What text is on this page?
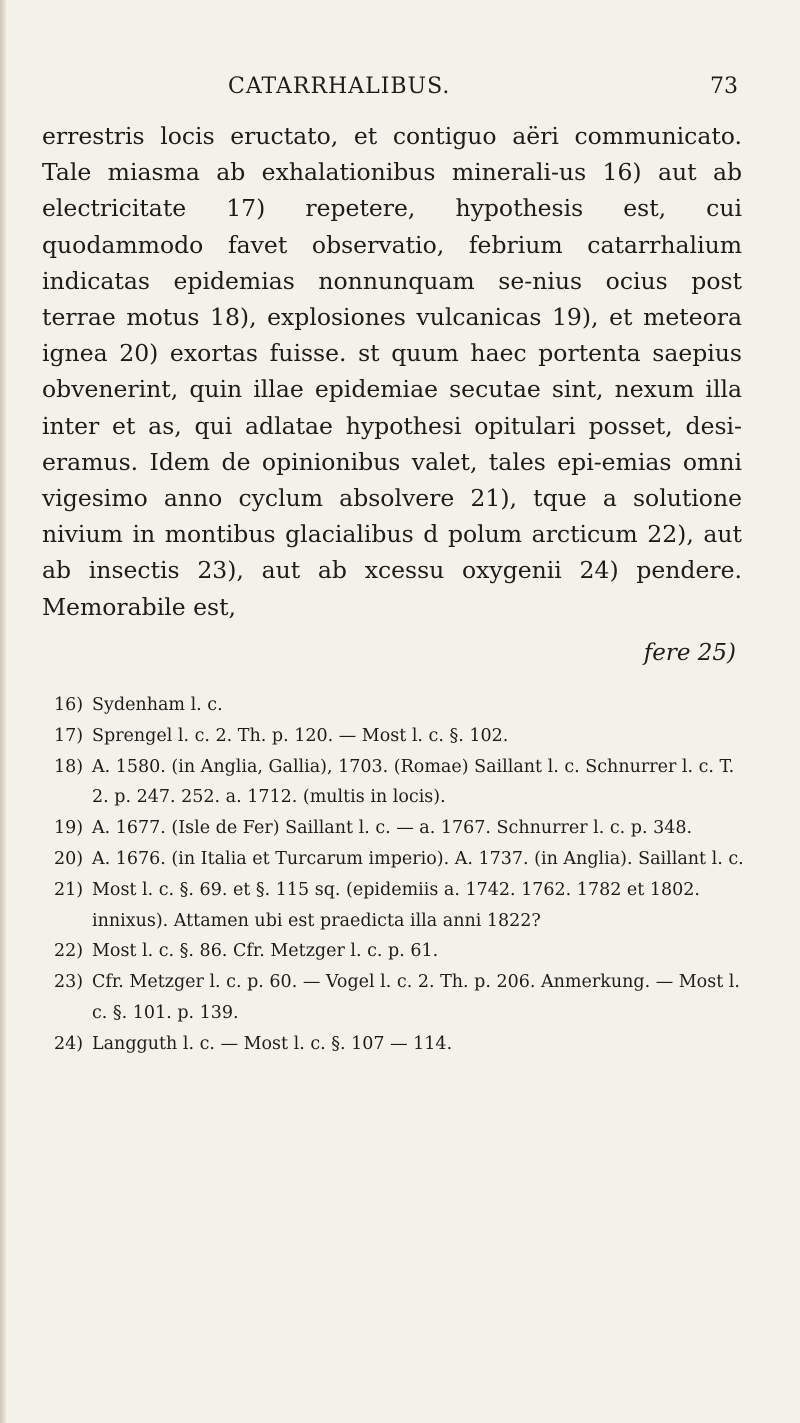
CATARRHALIBUS.	73

errestris locis eructato, et contiguo aëri communicato. Tale miasma ab exhalationibus minerali-us 16) aut ab electricitate 17) repetere, hypothesis est, cui quodammodo favet observatio, febrium catarrhalium indicatas epidemias nonnunquam se-nius ocius post terrae motus 18), explosiones vulcanicas 19), et meteora ignea 20) exortas fuisse. st quum haec portenta saepius obvenerint, quin illae epidemiae secutae sint, nexum illa inter et as, qui adlatae hypothesi opitulari posset, desi-eramus. Idem de opinionibus valet, tales epi-emias omni vigesimo anno cyclum absolvere 21), tque a solutione nivium in montibus glacialibus d polum arcticum 22), aut ab insectis 23), aut ab xcessu oxygenii 24) pendere. Memorabile est,

fere 25)
16) Sydenham l. c.
17) Sprengel l. c. 2. Th. p. 120. — Most l. c. §. 102.
18) A. 1580. (in Anglia, Gallia), 1703. (Romae) Saillant l. c. Schnurrer l. c. T. 2. p. 247. 252. a. 1712. (multis in locis).
19) A. 1677. (Isle de Fer) Saillant l. c. — a. 1767. Schnurrer l. c. p. 348.
20) A. 1676. (in Italia et Turcarum imperio). A. 1737. (in Anglia). Saillant l. c.
21) Most l. c. §. 69. et §. 115 sq. (epidemiis a. 1742. 1762. 1782 et 1802. innixus). Attamen ubi est praedicta illa anni 1822?
22) Most l. c. §. 86. Cfr. Metzger l. c. p. 61.
23) Cfr. Metzger l. c. p. 60. — Vogel l. c. 2. Th. p. 206. Anmerkung. — Most l. c. §. 101. p. 139.
24) Langguth l. c. — Most l. c. §. 107 — 114.
